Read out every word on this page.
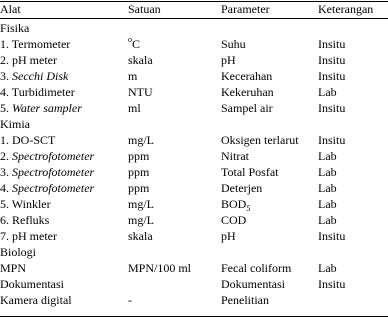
Alat	Satuan	Parameter	Keterangan
Fisika			
1. Termometer	$^o$C	Suhu	Insitu
2. pH meter	skala	pH	Insitu
3. Secchi Disk	m	Kecerahan	Insitu
4. Turbidimeter	NTU	Kekeruhan	Lab
5. Water sampler	ml	Sampel air	Insitu
Kimia			
1. DO-SCT	mg/L	Oksigen terlarut	Insitu
2. Spectrofotometer	ppm	Nitrat	Lab
3. Spectrofotometer	ppm	Total Posfat	Lab
4. Spectrofotometer	ppm	Deterjen	Lab
5. Winkler	mg/L	BOD5	Lab
6. Refluks	mg/L	COD	Lab
7. pH meter	skala	pH	Insitu
Biologi			
MPN	MPN/100 ml	Fecal coliform	Lab
Dokumentasi		Dokumentasi	Insitu
Kamera digital	-	Penelitian	
